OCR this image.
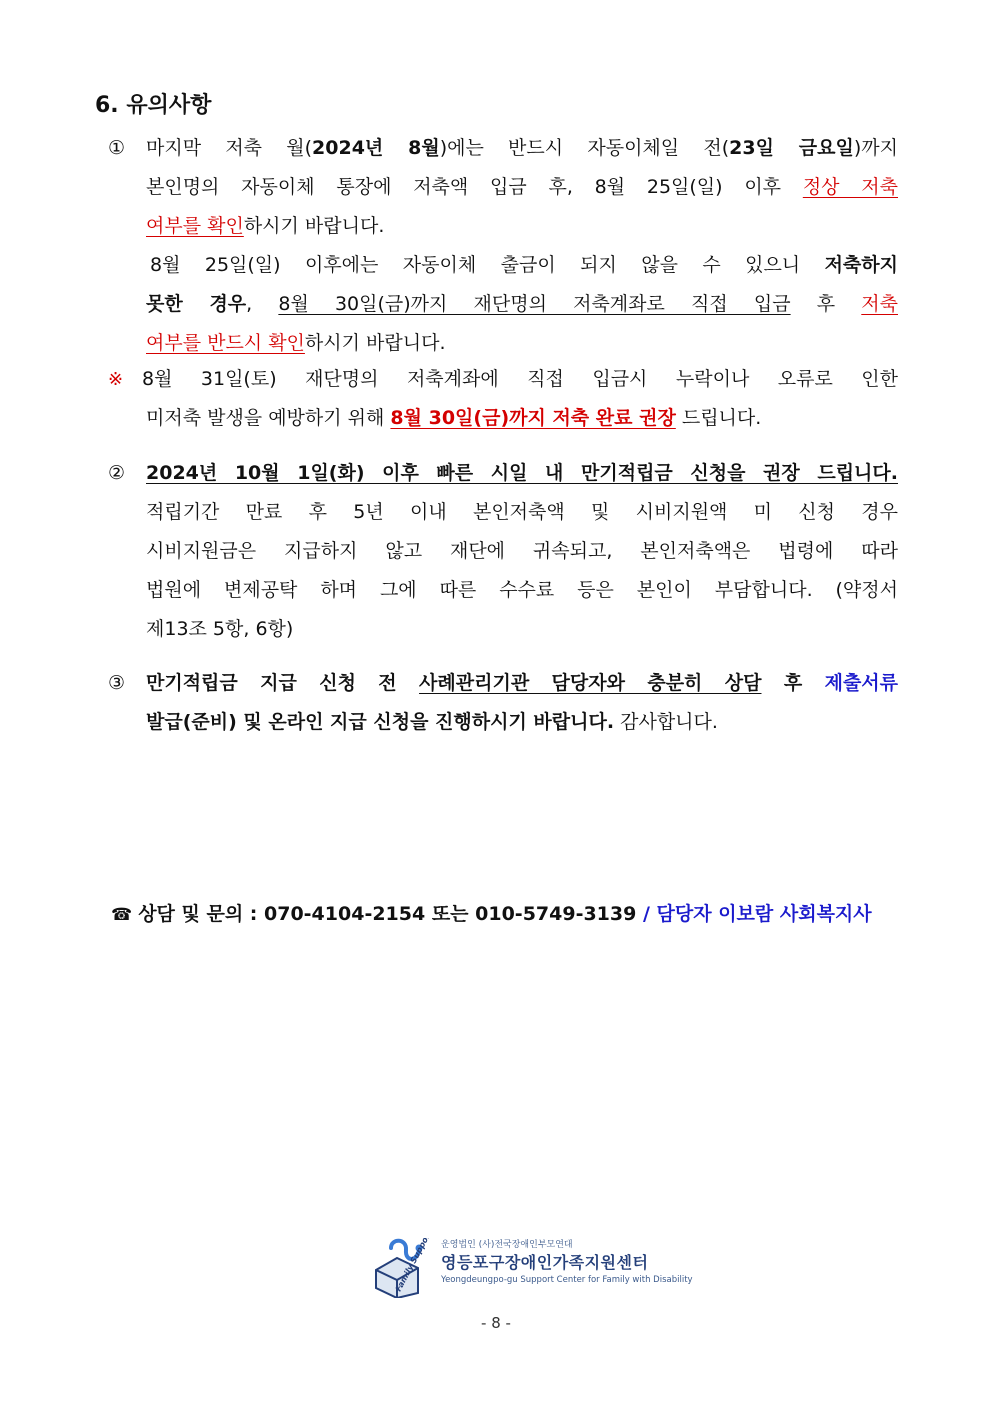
6. 유의사항
① 마지막 저축 월(2024년 8월)에는 반드시 자동이체일 전(23일 금요일)까지

본인명의 자동이체 통장에 저축액 입금 후, 8월 25일(일) 이후 정상 저축

여부를 확인하시기 바랍니다.

8월 25일(일) 이후에는 자동이체 출금이 되지 않을 수 있으니 저축하지

못한 경우, 8월 30일(금)까지 재단명의 저축계좌로 직접 입금 후 저축

여부를 반드시 확인하시기 바랍니다.

※ 8월 31일(토) 재단명의 저축계좌에 직접 입금시 누락이나 오류로 인한

미저축 발생을 예방하기 위해 8월 30일(금)까지 저축 완료 권장 드립니다.

② 2024년 10월 1일(화) 이후 빠른 시일 내 만기적립금 신청을 권장 드립니다.

적립기간 만료 후 5년 이내 본인저축액 및 시비지원액 미 신청 경우

시비지원금은 지급하지 않고 재단에 귀속되고, 본인저축액은 법령에 따라

법원에 변제공탁 하며 그에 따른 수수료 등은 본인이 부담합니다. (약정서

제13조 5항, 6항)

③ 만기적립금 지급 신청 전 사례관리기관 담당자와 충분히 상담 후 제출서류

발급(준비) 및 온라인 지급 신청을 진행하시기 바랍니다. 감사합니다.

☎ 상담 및 문의 : 070-4104-2154 또는 010-5749-3139 / 담당자 이보람 사회복지사
Family Support 운영법인 (사)전국장애인부모연대
영등포구장애인가족지원센터
Yeongdeungpo-gu Support Center for Family with Disability
- 8 -
